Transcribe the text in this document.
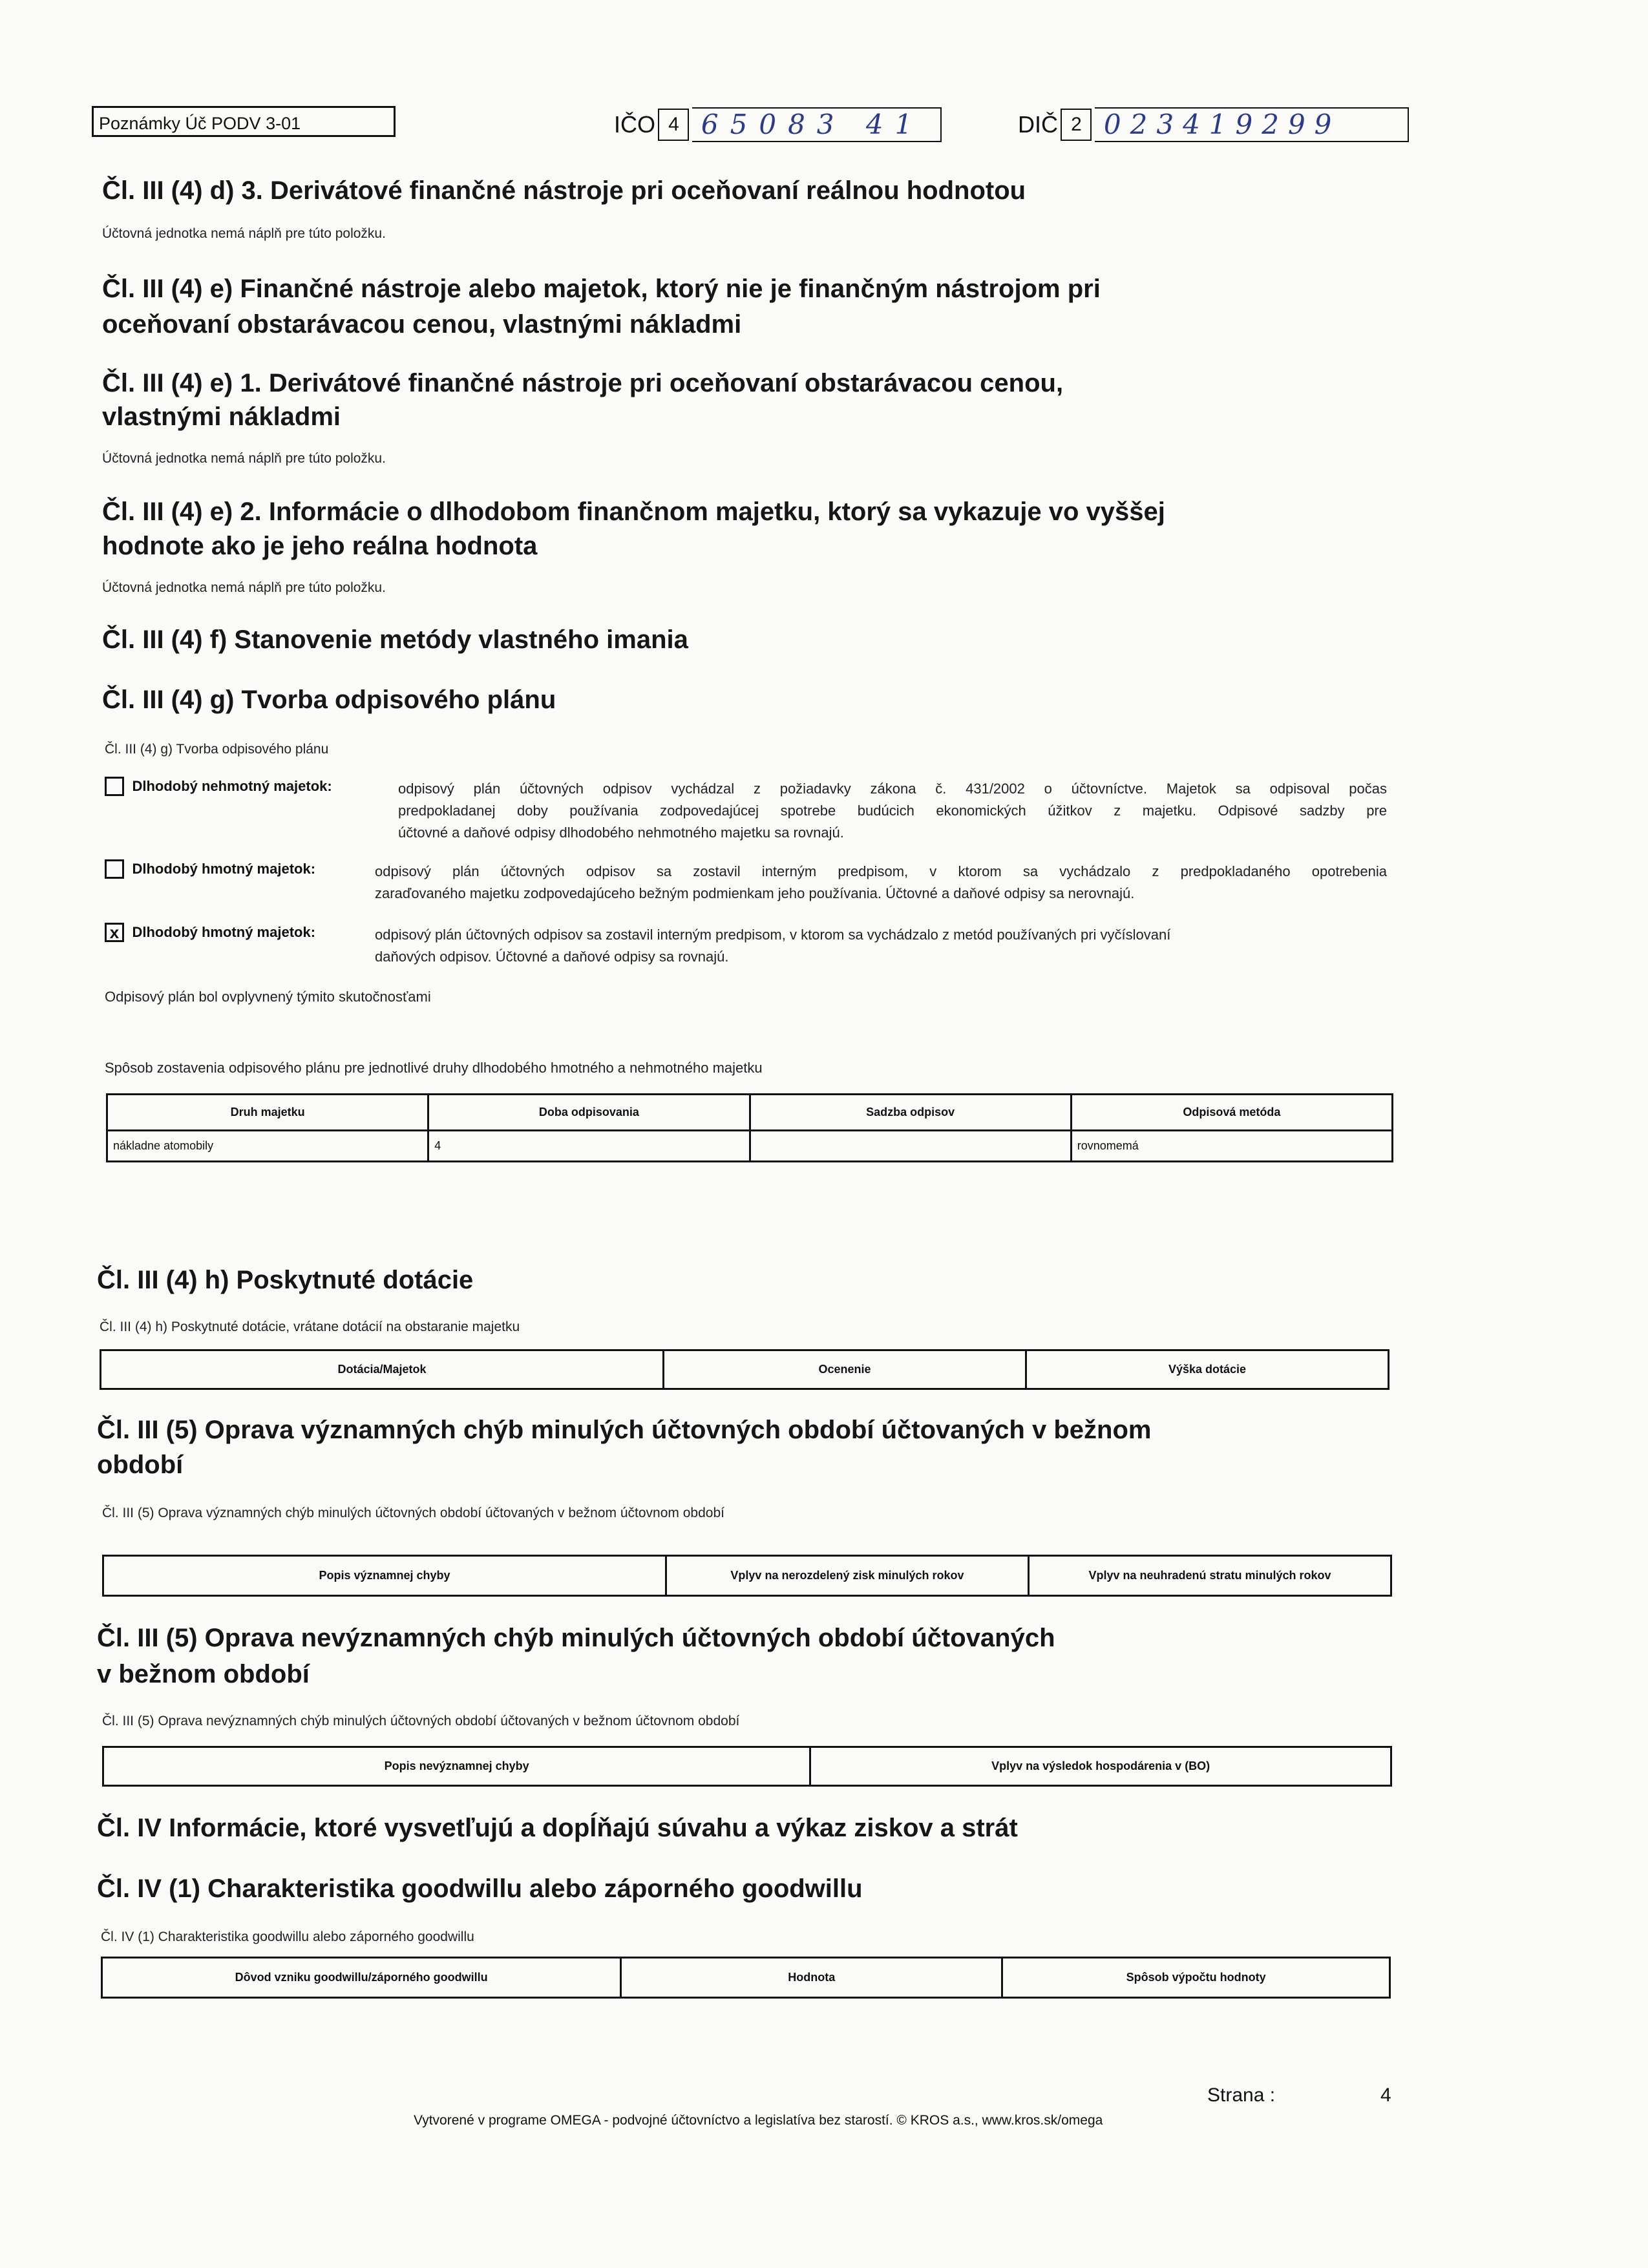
Poznámky Úč PODV 3-01	IČO 4 65083 41	DIČ 2 023419299
Čl. III (4) d) 3. Derivátové finančné nástroje pri oceňovaní reálnou hodnotou
Účtovná jednotka nemá náplň pre túto položku.
Čl. III (4) e) Finančné nástroje alebo majetok, ktorý nie je finančným nástrojom pri
oceňovaní obstarávacou cenou, vlastnými nákladmi
Čl. III (4) e) 1. Derivátové finančné nástroje pri oceňovaní obstarávacou cenou,
vlastnými nákladmi
Účtovná jednotka nemá náplň pre túto položku.
Čl. III (4) e) 2. Informácie o dlhodobom finančnom majetku, ktorý sa vykazuje vo vyššej
hodnote ako je jeho reálna hodnota
Účtovná jednotka nemá náplň pre túto položku.
Čl. III (4) f) Stanovenie metódy vlastného imania
Čl. III (4) g) Tvorba odpisového plánu
Čl. III (4) g) Tvorba odpisového plánu
Dlhodobý nehmotný majetok:	odpisový plán účtovných odpisov vychádzal z požiadavky zákona č. 431/2002 o účtovníctve. Majetok sa odpisoval počas
predpokladanej doby používania zodpovedajúcej spotrebe budúcich ekonomických úžitkov z majetku. Odpisové sadzby pre
účtovné a daňové odpisy dlhodobého nehmotného majetku sa rovnajú.
Dlhodobý hmotný majetok:	odpisový plán účtovných odpisov sa zostavil interným predpisom, v ktorom sa vychádzalo z predpokladaného opotrebenia
zaraďovaného majetku zodpovedajúceho bežným podmienkam jeho používania. Účtovné a daňové odpisy sa nerovnajú.
x Dlhodobý hmotný majetok:	odpisový plán účtovných odpisov sa zostavil interným predpisom, v ktorom sa vychádzalo z metód používaných pri vyčíslovaní
daňových odpisov. Účtovné a daňové odpisy sa rovnajú.
Odpisový plán bol ovplyvnený týmito skutočnosťami
Spôsob zostavenia odpisového plánu pre jednotlivé druhy dlhodobého hmotného a nehmotného majetku
Druh majetku	Doba odpisovania	Sadzba odpisov	Odpisová metóda
nákladne atomobily	4		rovnomemá
Čl. III (4) h) Poskytnuté dotácie
Čl. III (4) h) Poskytnuté dotácie, vrátane dotácií na obstaranie majetku
Dotácia/Majetok	Ocenenie	Výška dotácie
Čl. III (5) Oprava významných chýb minulých účtovných období účtovaných v bežnom
období
Čl. III (5) Oprava významných chýb minulých účtovných období účtovaných v bežnom účtovnom období
Popis významnej chyby	Vplyv na nerozdelený zisk minulých rokov	Vplyv na neuhradenú stratu minulých rokov
Čl. III (5) Oprava nevýznamných chýb minulých účtovných období účtovaných
v bežnom období
Čl. III (5) Oprava nevýznamných chýb minulých účtovných období účtovaných v bežnom účtovnom období
Popis nevýznamnej chyby	Vplyv na výsledok hospodárenia v (BO)
Čl. IV Informácie, ktoré vysvetľujú a dopĺňajú súvahu a výkaz ziskov a strát
Čl. IV (1) Charakteristika goodwillu alebo záporného goodwillu
Čl. IV (1) Charakteristika goodwillu alebo záporného goodwillu
Dôvod vzniku goodwillu/záporného goodwillu	Hodnota	Spôsob výpočtu hodnoty
Strana :	4
Vytvorené v programe OMEGA - podvojné účtovníctvo a legislatíva bez starostí. © KROS a.s., www.kros.sk/omega
